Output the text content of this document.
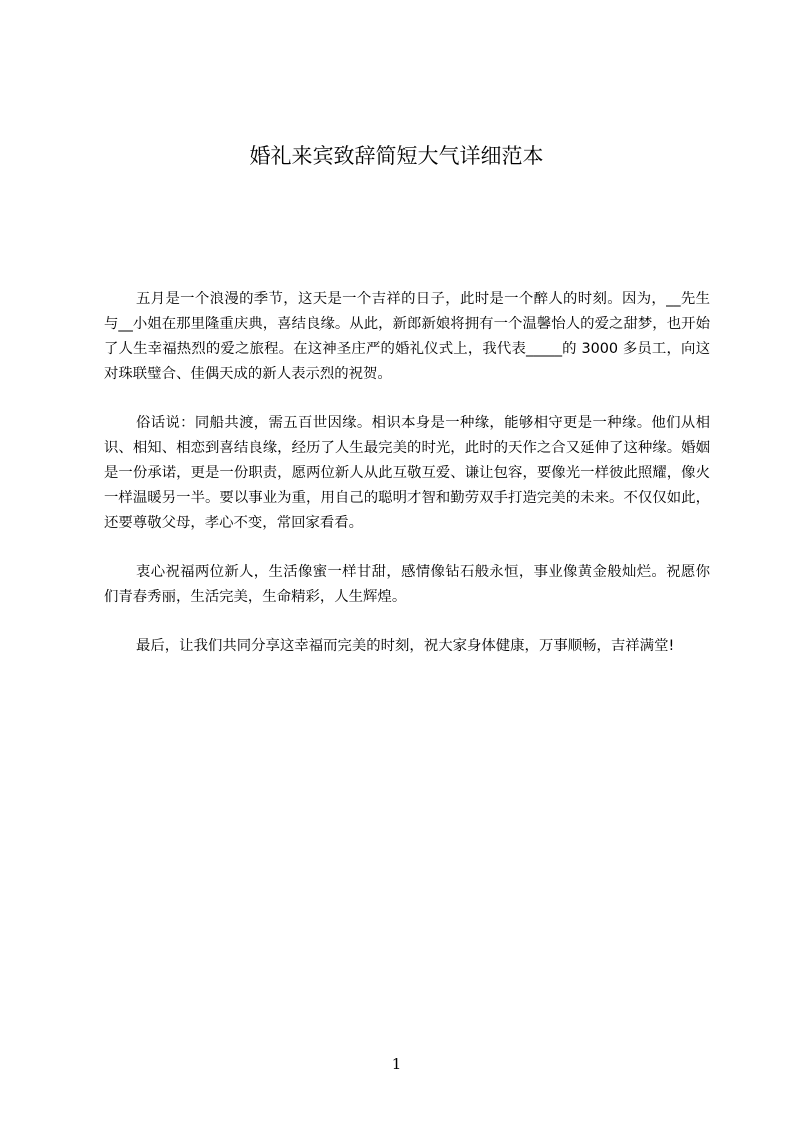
婚礼来宾致辞简短大气详细范本

五月是一个浪漫的季节，这天是一个吉祥的日子，此时是一个醉人的时刻。因为，__先生与__小姐在那里隆重庆典，喜结良缘。从此，新郎新娘将拥有一个温馨怡人的爱之甜梦，也开始了人生幸福热烈的爱之旅程。在这神圣庄严的婚礼仪式上，我代表_____的 3000 多员工，向这对珠联璧合、佳偶天成的新人表示烈的祝贺。

俗话说：同船共渡，需五百世因缘。相识本身是一种缘，能够相守更是一种缘。他们从相识、相知、相恋到喜结良缘，经历了人生最完美的时光，此时的天作之合又延伸了这种缘。婚姻是一份承诺，更是一份职责，愿两位新人从此互敬互爱、谦让包容，要像光一样彼此照耀，像火一样温暖另一半。要以事业为重，用自己的聪明才智和勤劳双手打造完美的未来。不仅仅如此，还要尊敬父母，孝心不变，常回家看看。

衷心祝福两位新人，生活像蜜一样甘甜，感情像钻石般永恒，事业像黄金般灿烂。祝愿你们青春秀丽，生活完美，生命精彩，人生辉煌。

最后，让我们共同分享这幸福而完美的时刻，祝大家身体健康，万事顺畅，吉祥满堂!

1
